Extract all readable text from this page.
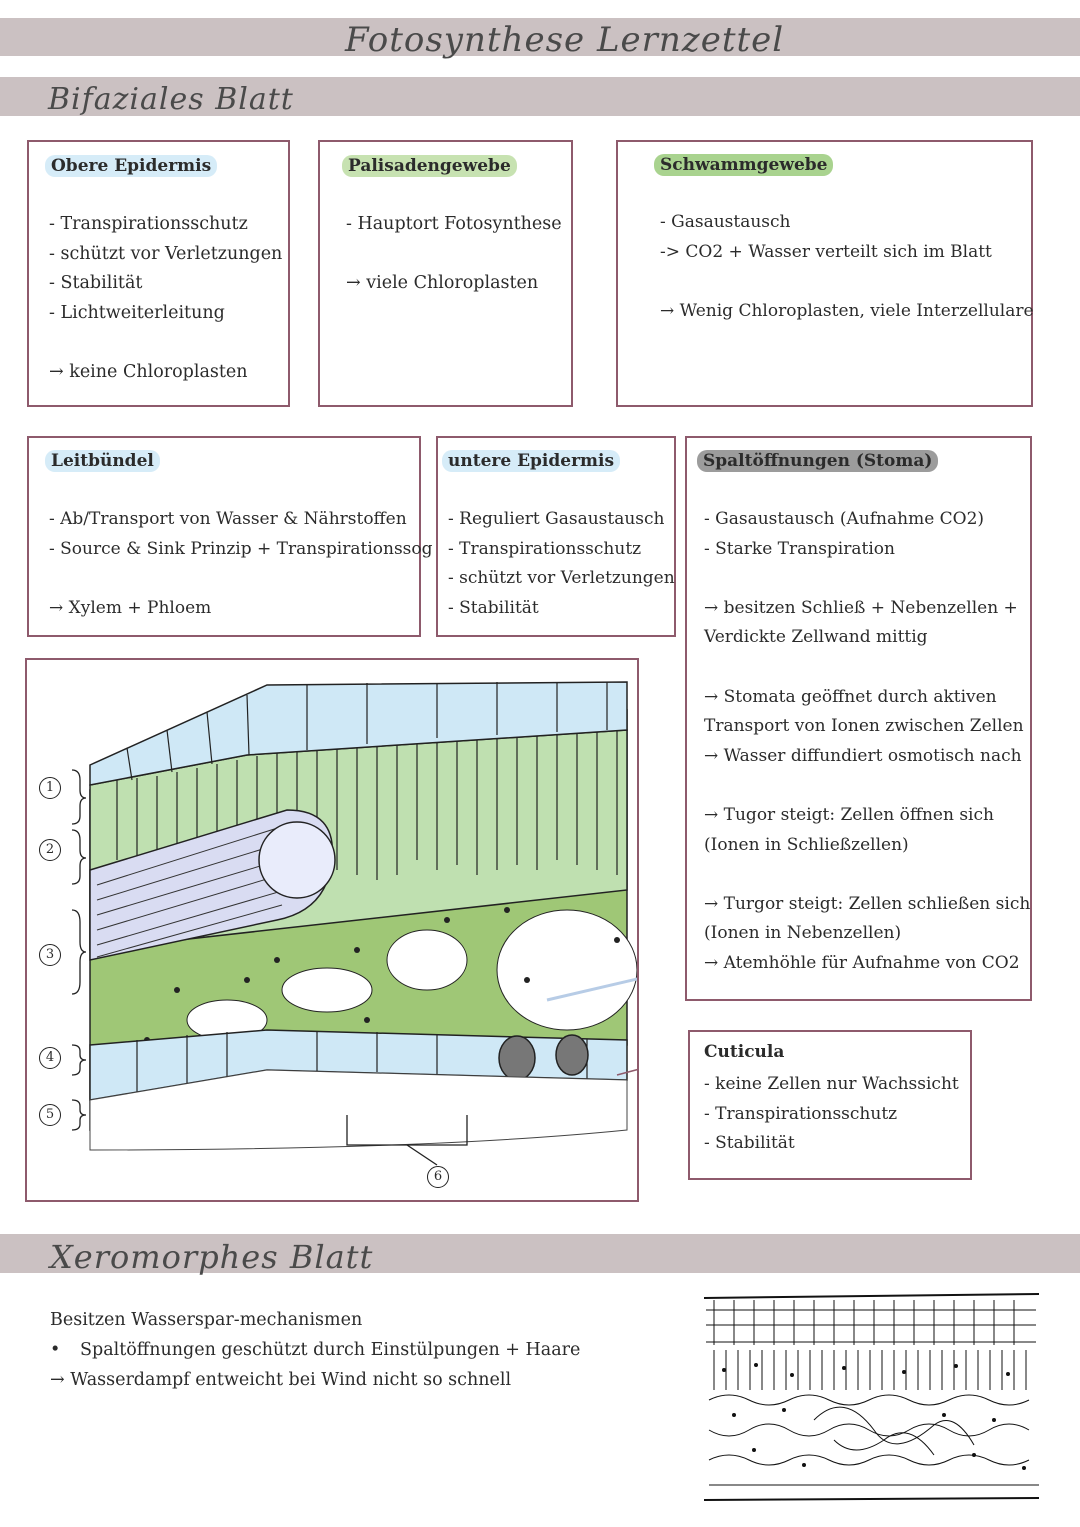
Fotosynthese Lernzettel
Bifaziales Blatt
Obere Epidermis
- Transpirationsschutz
- schützt vor Verletzungen
- Stabilität
- Lichtweiterleitung
→ keine Chloroplasten
Palisadengewebe
- Hauptort Fotosynthese
→ viele Chloroplasten
Schwammgewebe
- Gasaustausch
-> CO2 + Wasser verteilt sich im Blatt
→ Wenig Chloroplasten, viele Interzellulare
Leitbündel
- Ab/Transport von Wasser & Nährstoffen
- Source & Sink Prinzip + Transpirationssog
→ Xylem + Phloem
untere Epidermis
- Reguliert Gasaustausch
- Transpirationsschutz
- schützt vor Verletzungen
- Stabilität
Spaltöffnungen (Stoma)
- Gasaustausch (Aufnahme CO2)
- Starke Transpiration
→ besitzen Schließ + Nebenzellen +
Verdickte Zellwand mittig
→ Stomata geöffnet durch aktiven
Transport von Ionen zwischen Zellen
→ Wasser diffundiert osmotisch nach
→ Tugor steigt: Zellen öffnen sich
(Ionen in Schließzellen)
→ Turgor steigt: Zellen schließen sich
(Ionen in Nebenzellen)
→ Atemhöhle für Aufnahme von CO2
1
2
3
4
5
6
Cuticula
- keine Zellen nur Wachssicht
- Transpirationsschutz
- Stabilität
Xeromorphes Blatt
Besitzen Wasserspar-mechanismen
• Spaltöffnungen geschützt durch Einstülpungen + Haare
→ Wasserdampf entweicht bei Wind nicht so schnell
